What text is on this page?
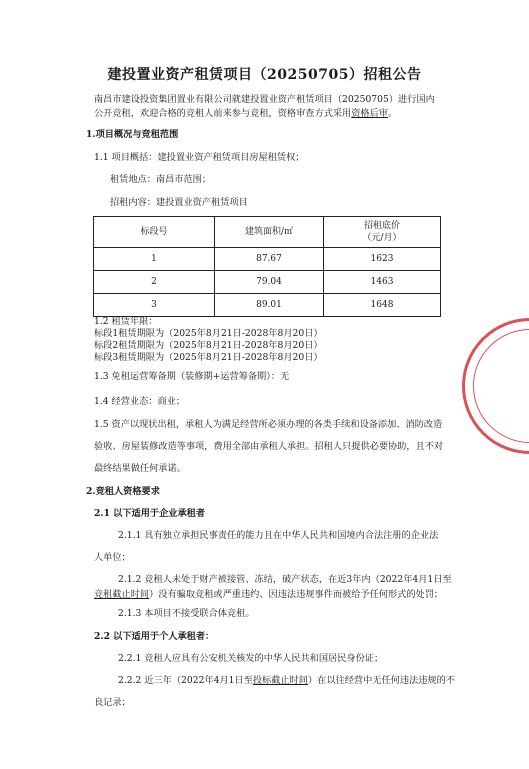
建投置业资产租赁项目（20250705）招租公告
南昌市建设投资集团置业有限公司就建投置业资产租赁项目（20250705）进行国内
公开竞租，欢迎合格的竞租人前来参与竞租，资格审查方式采用资格后审。
1.项目概况与竞租范围
1.1 项目概括：建投置业资产租赁项目房屋租赁权；
租赁地点：南昌市范围；
招租内容：建投置业资产租赁项目
标段号	建筑面积/㎡	招租底价
（元/月）
1	87.67	1623
2	79.04	1463
3	89.01	1648
1.2 租赁年限：
标段1租赁期限为（2025年8月21日-2028年8月20日）
标段2租赁期限为（2025年8月21日-2028年8月20日）
标段3租赁期限为（2025年8月21日-2028年8月20日）
1.3 免租运营筹备期（装修期+运营筹备期）：无
1.4 经营业态：商业；
1.5 资产以现状出租，承租人为满足经营所必须办理的各类手续和设备添加、消防改造
验收、房屋装修改造等事项，费用全部由承租人承担。招租人只提供必要协助，且不对
最终结果做任何承诺。
2.竞租人资格要求
2.1 以下适用于企业承租者
2.1.1 具有独立承担民事责任的能力且在中华人民共和国境内合法注册的企业法
人单位；
2.1.2 竞租人未处于财产被接管、冻结，破产状态，在近3年内（2022年4月1日至
竞租截止时间）没有骗取竞租或严重违约、因违法违规事件而被给予任何形式的处罚；
2.1.3 本项目不接受联合体竞租。
2.2 以下适用于个人承租者：
2.2.1 竞租人应具有公安机关核发的中华人民共和国居民身份证；
2.2.2 近三年（2022年4月1日至投标截止时间）在以往经营中无任何违法违规的不
良记录；
